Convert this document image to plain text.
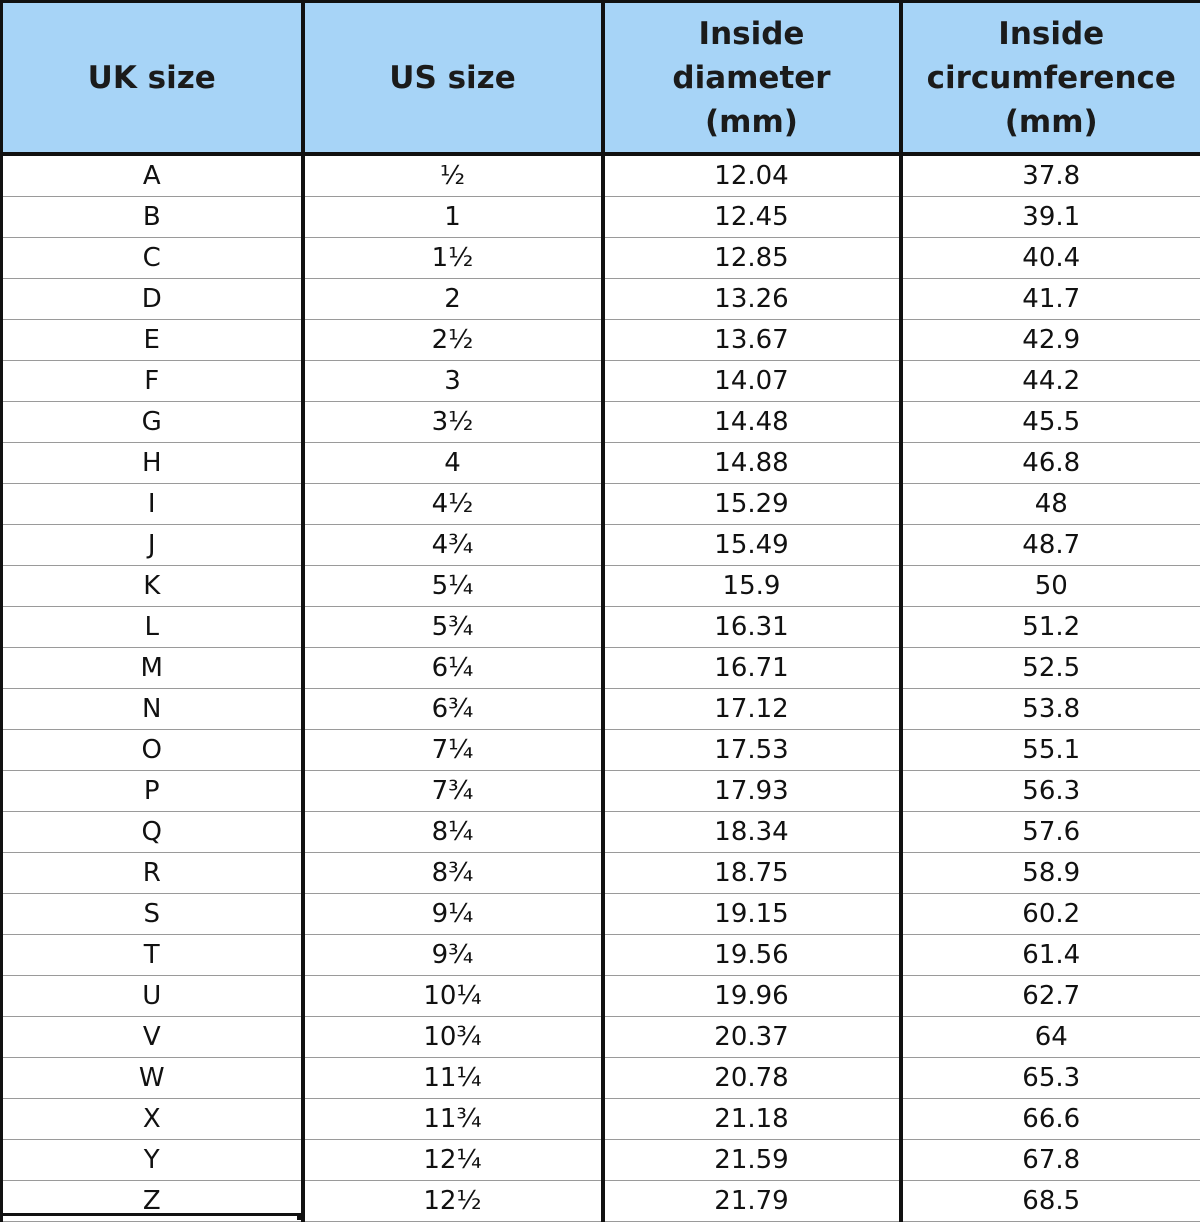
UK size	US size	Inside diameter (mm)	Inside circumference (mm)
A	½	12.04	37.8
B	1	12.45	39.1
C	1½	12.85	40.4
D	2	13.26	41.7
E	2½	13.67	42.9
F	3	14.07	44.2
G	3½	14.48	45.5
H	4	14.88	46.8
I	4½	15.29	48
J	4¾	15.49	48.7
K	5¼	15.9	50
L	5¾	16.31	51.2
M	6¼	16.71	52.5
N	6¾	17.12	53.8
O	7¼	17.53	55.1
P	7¾	17.93	56.3
Q	8¼	18.34	57.6
R	8¾	18.75	58.9
S	9¼	19.15	60.2
T	9¾	19.56	61.4
U	10¼	19.96	62.7
V	10¾	20.37	64
W	11¼	20.78	65.3
X	11¾	21.18	66.6
Y	12¼	21.59	67.8
Z	12½	21.79	68.5
